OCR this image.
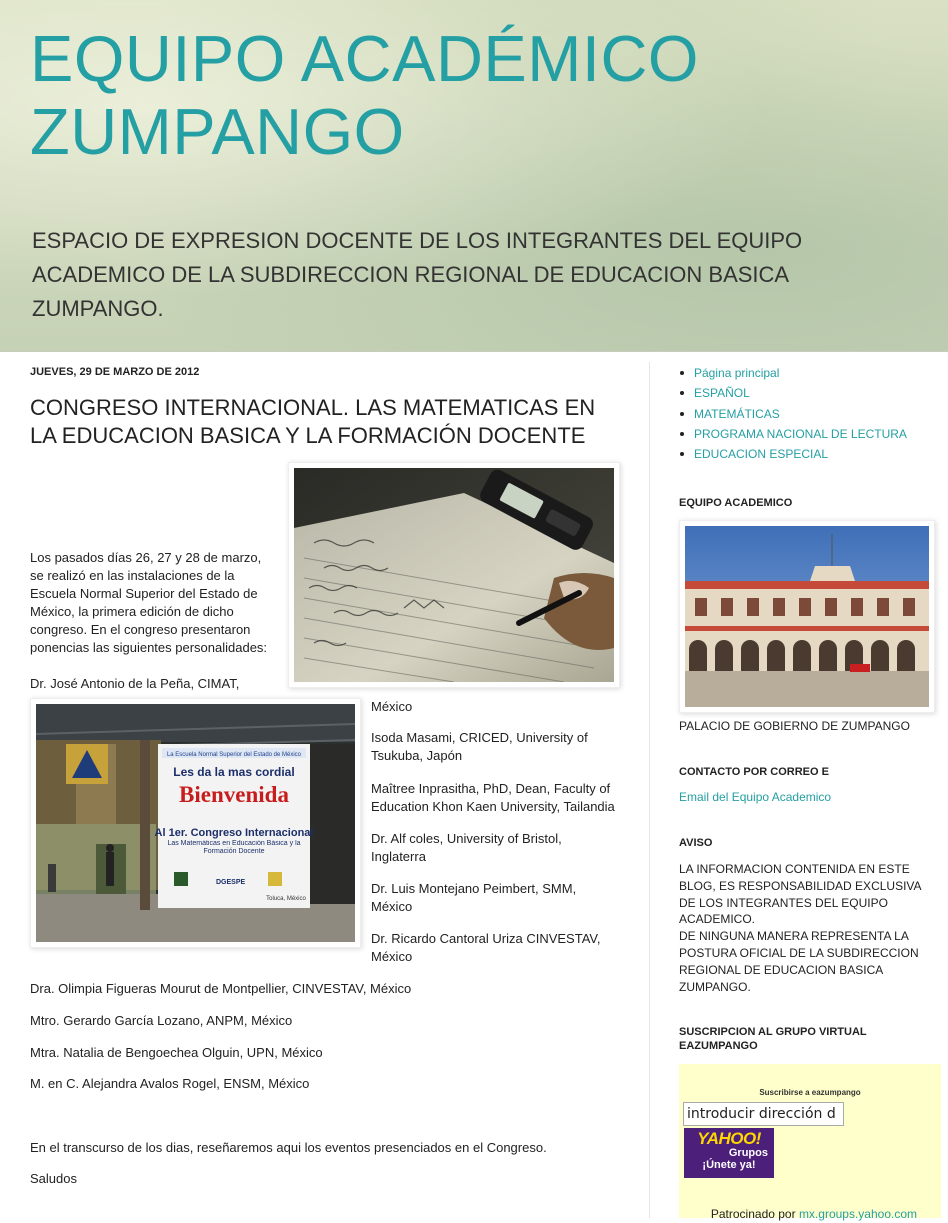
EQUIPO ACADÉMICO ZUMPANGO

ESPACIO DE EXPRESION DOCENTE DE LOS INTEGRANTES DEL EQUIPO ACADEMICO DE LA SUBDIRECCION REGIONAL DE EDUCACION BASICA ZUMPANGO.

JUEVES, 29 DE MARZO DE 2012
CONGRESO INTERNACIONAL. LAS MATEMATICAS EN LA EDUCACION BASICA Y LA FORMACIÓN DOCENTE

Los pasados días 26, 27 y 28 de marzo, se realizó en las instalaciones de la Escuela Normal Superior del Estado de México, la primera edición de dicho congreso. En el congreso presentaron ponencias las siguientes personalidades:

Dr. José Antonio de la Peña, CIMAT,

La Escuela Normal Superior del Estado de México
Les da la mas cordial
Bienvenida
Al 1er. Congreso Internacional
Las Matemáticas en Educación Básica y la Formación Docente
DGESPE
Toluca, México

México

Isoda Masami, CRICED, University of Tsukuba, Japón

Maîtree Inprasitha, PhD, Dean, Faculty of Education Khon Kaen University, Tailandia

Dr. Alf coles, University of Bristol, Inglaterra

Dr. Luis Montejano Peimbert, SMM, México

Dr. Ricardo Cantoral Uriza CINVESTAV, México

Dra. Olimpia Figueras Mourut de Montpellier, CINVESTAV, México

Mtro. Gerardo García Lozano, ANPM, México

Mtra. Natalia de Bengoechea Olguin, UPN, México

M. en C. Alejandra Avalos Rogel, ENSM, México

En el transcurso de los dias, reseñaremos aqui los eventos presenciados en el Congreso.

Saludos

Página principal
ESPAÑOL
MATEMÁTICAS
PROGRAMA NACIONAL DE LECTURA
EDUCACION ESPECIAL
EQUIPO ACADEMICO
PALACIO DE GOBIERNO DE ZUMPANGO
CONTACTO POR CORREO E
Email del Equipo Academico
AVISO
LA INFORMACION CONTENIDA EN ESTE BLOG, ES RESPONSABILIDAD EXCLUSIVA DE LOS INTEGRANTES DEL EQUIPO ACADEMICO.
DE NINGUNA MANERA REPRESENTA LA POSTURA OFICIAL DE LA SUBDIRECCION REGIONAL DE EDUCACION BASICA ZUMPANGO.
SUSCRIPCION AL GRUPO VIRTUAL EAZUMPANGO
Suscribirse a eazumpango
introducir dirección d
YAHOO!
Grupos
¡Únete ya!
Patrocinado por mx.groups.yahoo.com
